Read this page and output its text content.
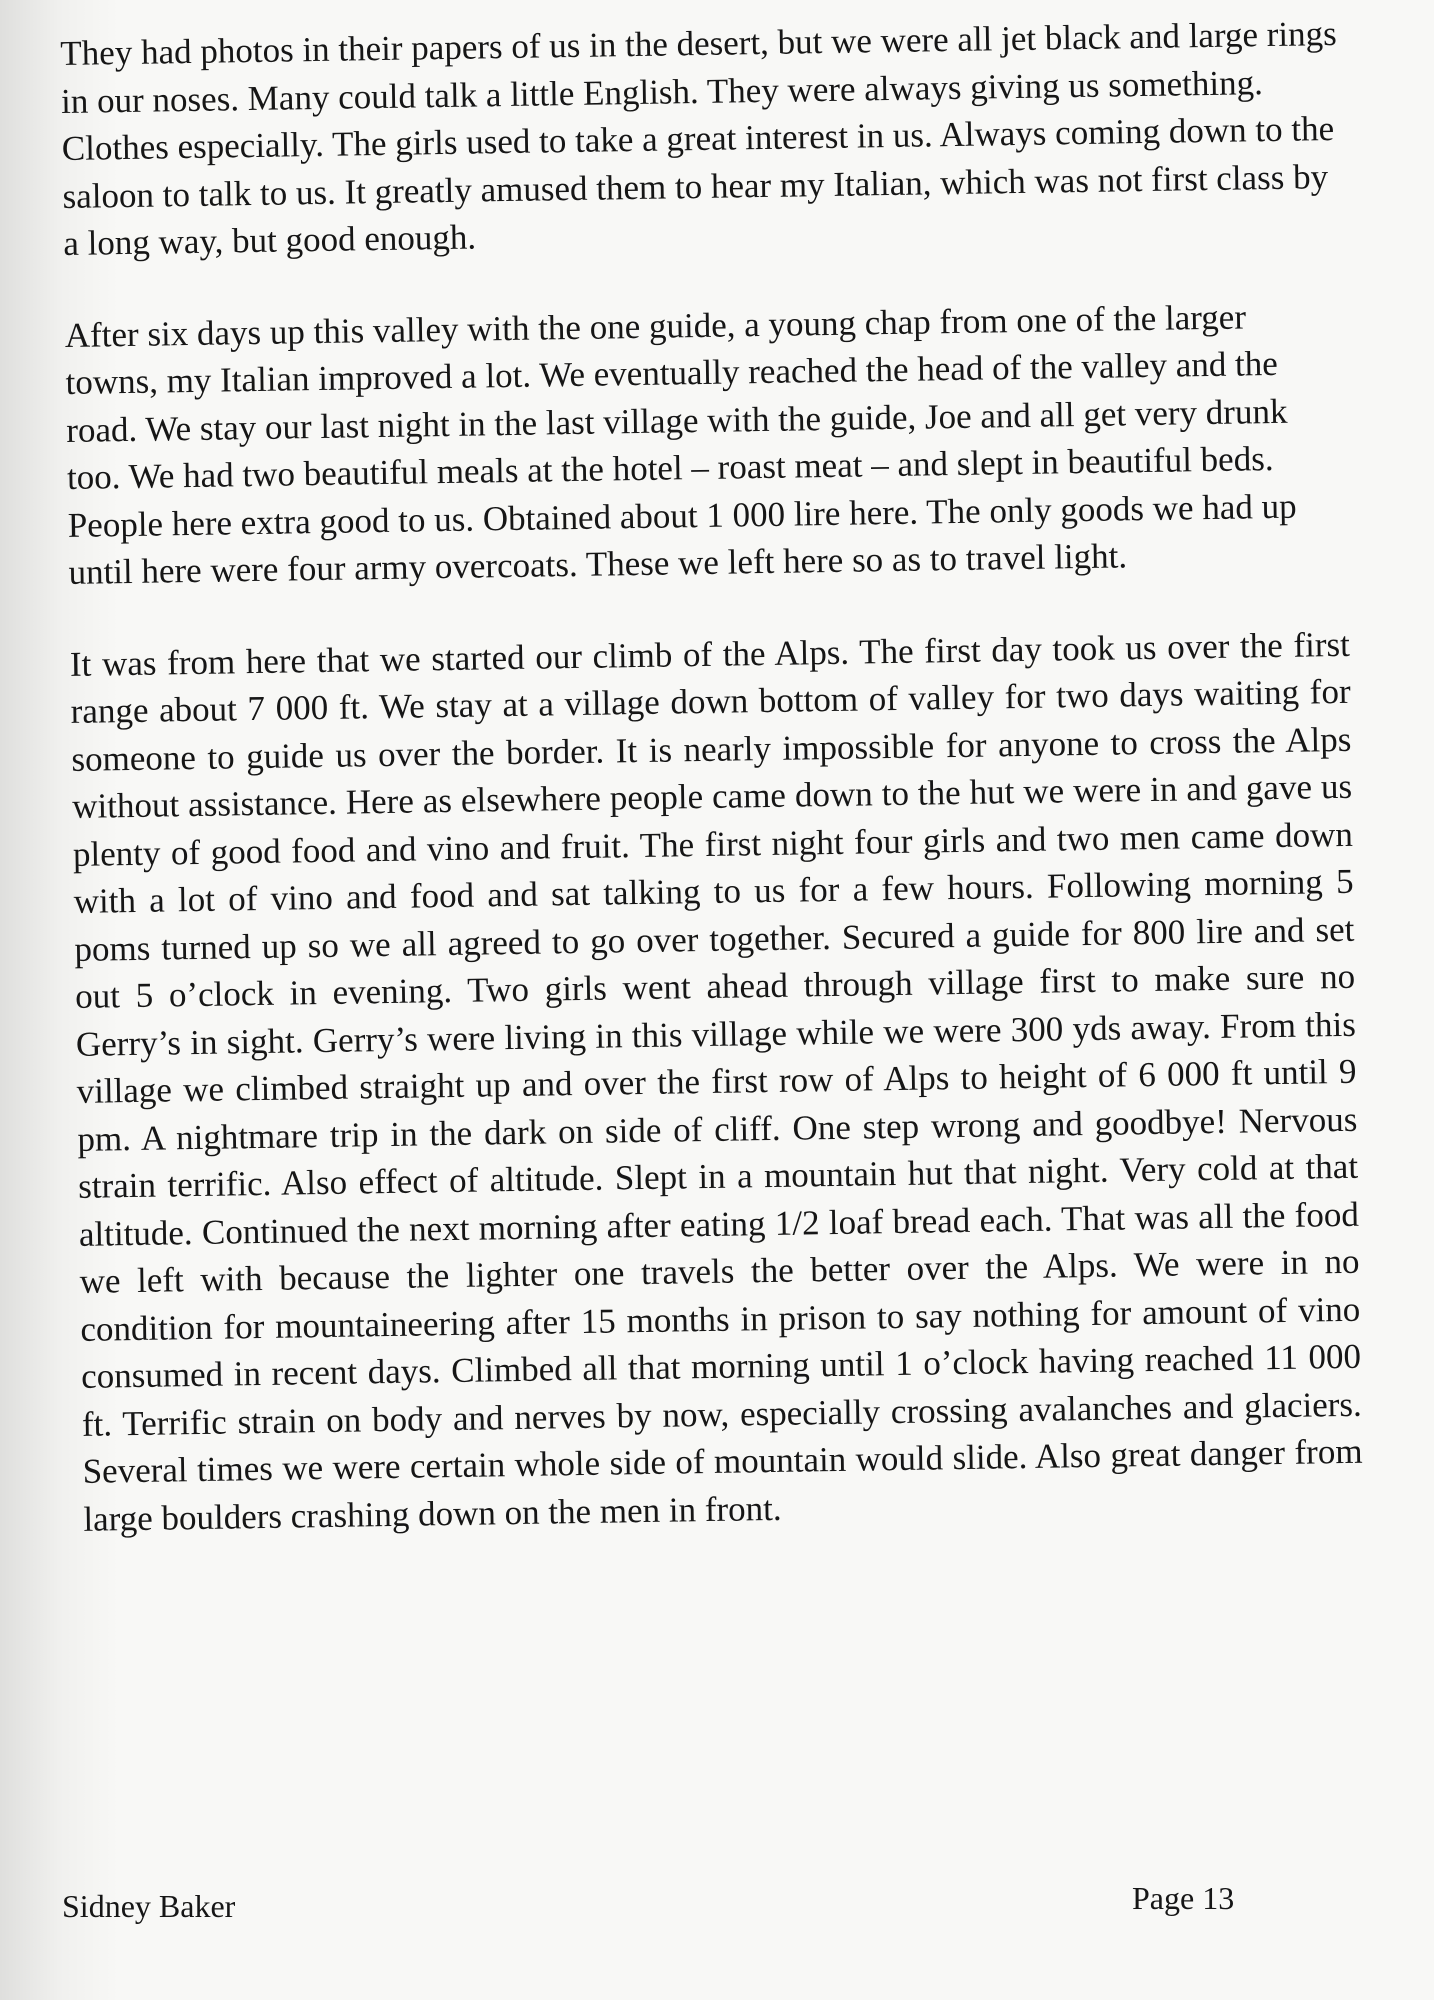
They had photos in their papers of us in the desert, but we were all jet black and large rings in our noses. Many could talk a little English. They were always giving us something. Clothes especially. The girls used to take a great interest in us. Always coming down to the saloon to talk to us. It greatly amused them to hear my Italian, which was not first class by a long way, but good enough.

After six days up this valley with the one guide, a young chap from one of the larger towns, my Italian improved a lot. We eventually reached the head of the valley and the road. We stay our last night in the last village with the guide, Joe and all get very drunk too. We had two beautiful meals at the hotel – roast meat – and slept in beautiful beds. People here extra good to us. Obtained about 1 000 lire here. The only goods we had up until here were four army overcoats. These we left here so as to travel light.

It was from here that we started our climb of the Alps. The first day took us over the first range about 7 000 ft. We stay at a village down bottom of valley for two days waiting for someone to guide us over the border. It is nearly impossible for anyone to cross the Alps without assistance. Here as elsewhere people came down to the hut we were in and gave us plenty of good food and vino and fruit. The first night four girls and two men came down with a lot of vino and food and sat talking to us for a few hours. Following morning 5 poms turned up so we all agreed to go over together. Secured a guide for 800 lire and set out 5 o’clock in evening. Two girls went ahead through village first to make sure no Gerry’s in sight. Gerry’s were living in this village while we were 300 yds away. From this village we climbed straight up and over the first row of Alps to height of 6 000 ft until 9 pm. A nightmare trip in the dark on side of cliff. One step wrong and goodbye! Nervous strain terrific. Also effect of altitude. Slept in a mountain hut that night. Very cold at that altitude. Continued the next morning after eating 1/2 loaf bread each. That was all the food we left with because the lighter one travels the better over the Alps. We were in no condition for mountaineering after 15 months in prison to say nothing for amount of vino consumed in recent days. Climbed all that morning until 1 o’clock having reached 11 000 ft. Terrific strain on body and nerves by now, especially crossing avalanches and glaciers. Several times we were certain whole side of mountain would slide. Also great danger from large boulders crashing down on the men in front.

Sidney Baker	Page 13
